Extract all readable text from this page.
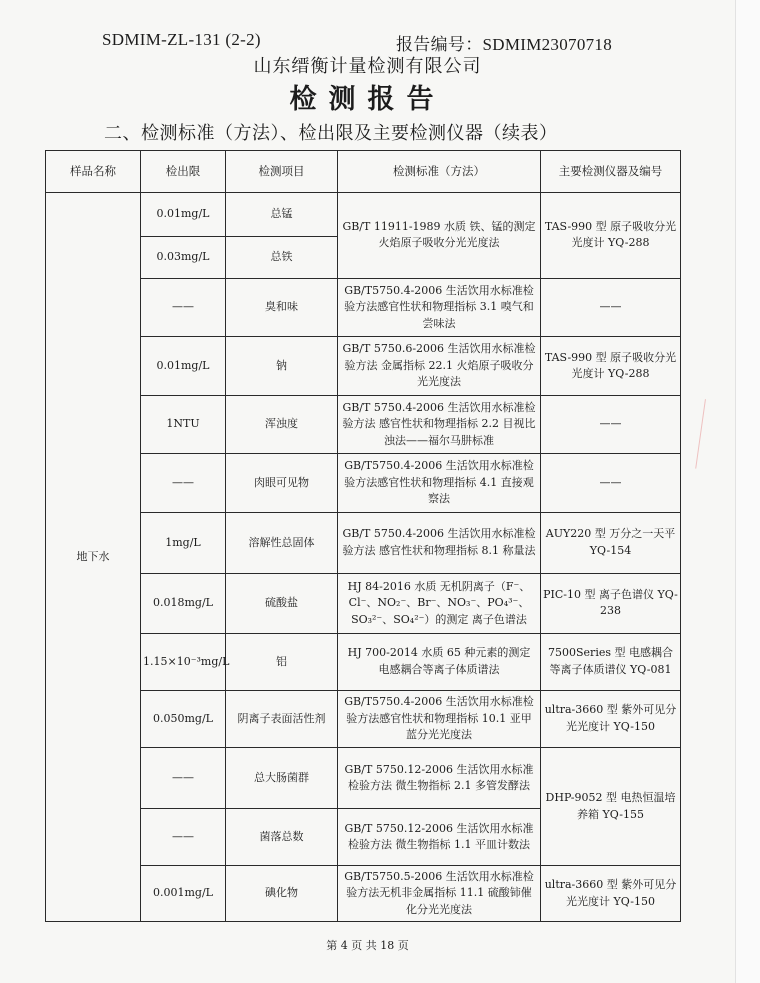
SDMIM-ZL-131 (2-2)	报告编号：SDMIM23070718
山东缙衡计量检测有限公司
检测报告
二、检测标准（方法）、检出限及主要检测仪器（续表）
样品名称	检出限	检测项目	检测标准（方法）	主要检测仪器及编号
地下水	0.01mg/L	总锰	GB/T 11911-1989 水质 铁、锰的测定 火焰原子吸收分光光度法	TAS-990 型 原子吸收分光光度计 YQ-288
	0.03mg/L	总铁		
	——	臭和味	GB/T5750.4-2006 生活饮用水标准检验方法感官性状和物理指标 3.1 嗅气和尝味法	——
	0.01mg/L	钠	GB/T 5750.6-2006 生活饮用水标准检验方法 金属指标 22.1 火焰原子吸收分光光度法	TAS-990 型 原子吸收分光光度计 YQ-288
	1NTU	浑浊度	GB/T 5750.4-2006 生活饮用水标准检验方法 感官性状和物理指标 2.2 目视比浊法——福尔马肼标准	——
	——	肉眼可见物	GB/T5750.4-2006 生活饮用水标准检验方法感官性状和物理指标 4.1 直接观察法	——
	1mg/L	溶解性总固体	GB/T 5750.4-2006 生活饮用水标准检验方法 感官性状和物理指标 8.1 称量法	AUY220 型 万分之一天平 YQ-154
	0.018mg/L	硫酸盐	HJ 84-2016 水质 无机阴离子（F⁻、Cl⁻、NO₂⁻、Br⁻、NO₃⁻、PO₄³⁻、SO₃²⁻、SO₄²⁻）的测定 离子色谱法	PIC-10 型 离子色谱仪 YQ-238
	1.15×10⁻³mg/L	铝	HJ 700-2014 水质 65 种元素的测定 电感耦合等离子体质谱法	7500Series 型 电感耦合等离子体质谱仪 YQ-081
	0.050mg/L	阴离子表面活性剂	GB/T5750.4-2006 生活饮用水标准检验方法感官性状和物理指标 10.1 亚甲蓝分光光度法	ultra-3660 型 紫外可见分光光度计 YQ-150
	——	总大肠菌群	GB/T 5750.12-2006 生活饮用水标准检验方法 微生物指标 2.1 多管发酵法	DHP-9052 型 电热恒温培养箱 YQ-155
	——	菌落总数	GB/T 5750.12-2006 生活饮用水标准检验方法 微生物指标 1.1 平皿计数法	
	0.001mg/L	碘化物	GB/T5750.5-2006 生活饮用水标准检验方法无机非金属指标 11.1 硫酸铈催化分光光度法	ultra-3660 型 紫外可见分光光度计 YQ-150
第 4 页 共 18 页
